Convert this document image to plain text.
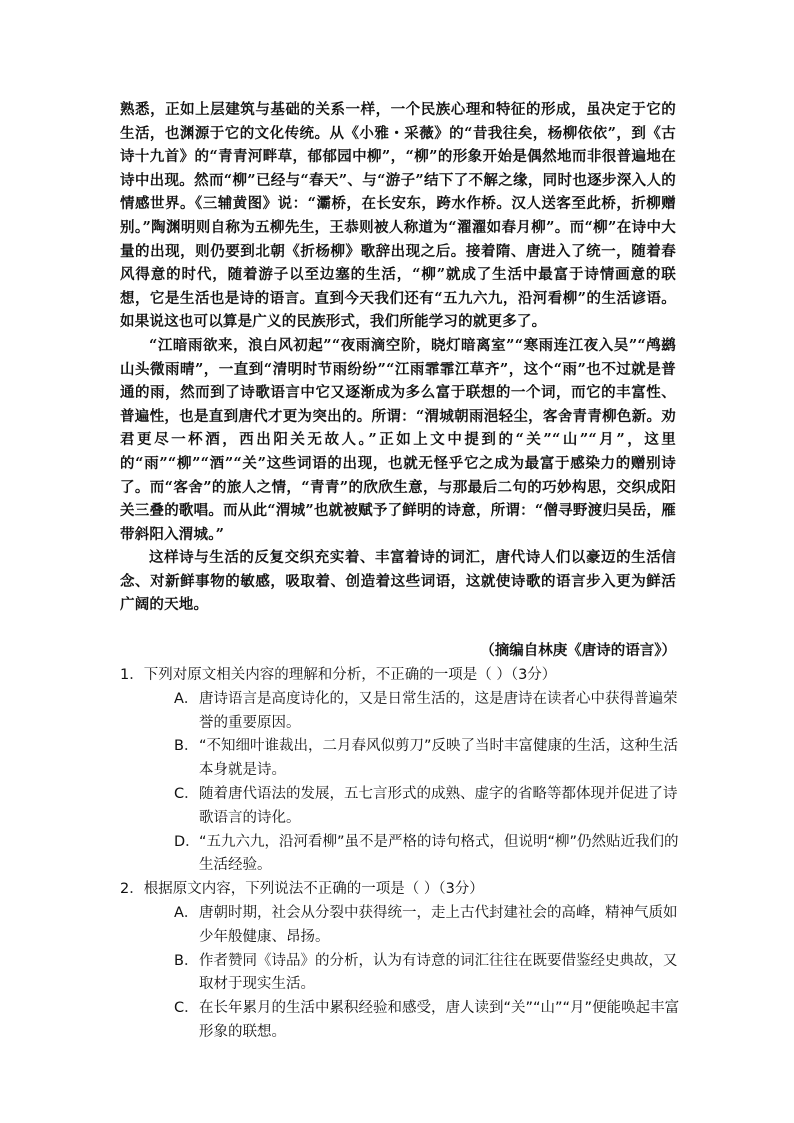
熟悉，正如上层建筑与基础的关系一样，一个民族心理和特征的形成，虽决定于它的生活，也渊源于它的文化传统。从《小雅・采薇》的“昔我往矣，杨柳依依”，到《古诗十九首》的“青青河畔草，郁郁园中柳”，“柳”的形象开始是偶然地而非很普遍地在诗中出现。然而“柳”已经与“春天”、与“游子”结下了不解之缘，同时也逐步深入人的情感世界。《三辅黄图》说：“灞桥，在长安东，跨水作桥。汉人送客至此桥，折柳赠别。”陶渊明则自称为五柳先生，王恭则被人称道为“濯濯如春月柳”。而“柳”在诗中大量的出现，则仍要到北朝《折杨柳》歌辞出现之后。接着隋、唐进入了统一，随着春风得意的时代，随着游子以至边塞的生活，“柳”就成了生活中最富于诗情画意的联想，它是生活也是诗的语言。直到今天我们还有“五九六九，沿河看柳”的生活谚语。如果说这也可以算是广义的民族形式，我们所能学习的就更多了。

“江暗雨欲来，浪白风初起”“夜雨滴空阶，晓灯暗离室”“寒雨连江夜入吴”“鸬鹚山头微雨晴”，一直到“清明时节雨纷纷”“江雨霏霏江草齐”，这个“雨”也不过就是普通的雨，然而到了诗歌语言中它又逐渐成为多么富于联想的一个词，而它的丰富性、普遍性，也是直到唐代才更为突出的。所谓：“渭城朝雨浥轻尘，客舍青青柳色新。劝君更尽一杯酒，西出阳关无故人。”正如上文中提到的“关”“山”“月”，这里的“雨”“柳”“酒”“关”这些词语的出现，也就无怪乎它之成为最富于感染力的赠别诗了。而“客舍”的旅人之情，“青青”的欣欣生意，与那最后二句的巧妙构思，交织成阳关三叠的歌唱。而从此“渭城”也就被赋予了鲜明的诗意，所谓：“僧寻野渡归吴岳，雁带斜阳入渭城。”

这样诗与生活的反复交织充实着、丰富着诗的词汇，唐代诗人们以豪迈的生活信念、对新鲜事物的敏感，吸取着、创造着这些词语，这就使诗歌的语言步入更为鲜活广阔的天地。

（摘编自林庚《唐诗的语言》）

1．下列对原文相关内容的理解和分析，不正确的一项是（ ）（3分）

A．唐诗语言是高度诗化的，又是日常生活的，这是唐诗在读者心中获得普遍荣誉的重要原因。

B．“不知细叶谁裁出，二月春风似剪刀”反映了当时丰富健康的生活，这种生活本身就是诗。

C．随着唐代语法的发展，五七言形式的成熟、虚字的省略等都体现并促进了诗歌语言的诗化。

D．“五九六九，沿河看柳”虽不是严格的诗句格式，但说明“柳”仍然贴近我们的生活经验。

2．根据原文内容，下列说法不正确的一项是（ ）（3分）

A．唐朝时期，社会从分裂中获得统一，走上古代封建社会的高峰，精神气质如少年般健康、昂扬。

B．作者赞同《诗品》的分析，认为有诗意的词汇往往在既要借鉴经史典故，又取材于现实生活。

C．在长年累月的生活中累积经验和感受，唐人读到“关”“山”“月”便能唤起丰富形象的联想。
